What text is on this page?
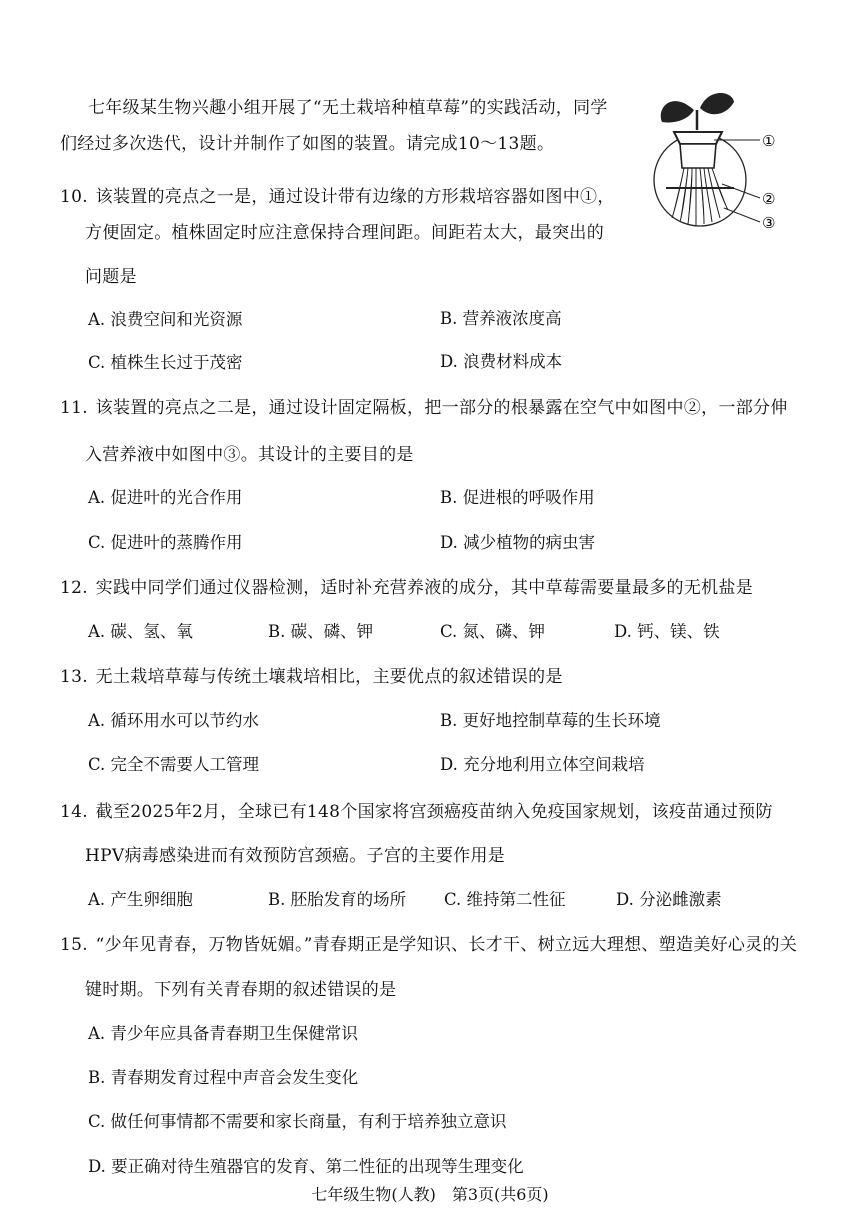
七年级某生物兴趣小组开展了“无土栽培种植草莓”的实践活动，同学
们经过多次迭代，设计并制作了如图的装置。请完成10～13题。	①
②
③
10. 该装置的亮点之一是，通过设计带有边缘的方形栽培容器如图中①，
方便固定。植株固定时应注意保持合理间距。间距若太大，最突出的
问题是
A. 浪费空间和光资源	B. 营养液浓度高
C. 植株生长过于茂密	D. 浪费材料成本
11. 该装置的亮点之二是，通过设计固定隔板，把一部分的根暴露在空气中如图中②，一部分伸
入营养液中如图中③。其设计的主要目的是
A. 促进叶的光合作用	B. 促进根的呼吸作用
C. 促进叶的蒸腾作用	D. 减少植物的病虫害
12. 实践中同学们通过仪器检测，适时补充营养液的成分，其中草莓需要量最多的无机盐是
A. 碳、氢、氧	B. 碳、磷、钾	C. 氮、磷、钾	D. 钙、镁、铁
13. 无土栽培草莓与传统土壤栽培相比，主要优点的叙述错误的是
A. 循环用水可以节约水	B. 更好地控制草莓的生长环境
C. 完全不需要人工管理	D. 充分地利用立体空间栽培
14. 截至2025年2月，全球已有148个国家将宫颈癌疫苗纳入免疫国家规划，该疫苗通过预防
HPV病毒感染进而有效预防宫颈癌。子宫的主要作用是
A. 产生卵细胞	B. 胚胎发育的场所 C. 维持第二性征	D. 分泌雌激素
15. “少年见青春，万物皆妩媚。”青春期正是学知识、长才干、树立远大理想、塑造美好心灵的关
键时期。下列有关青春期的叙述错误的是
A. 青少年应具备青春期卫生保健常识
B. 青春期发育过程中声音会发生变化
C. 做任何事情都不需要和家长商量，有利于培养独立意识
D. 要正确对待生殖器官的发育、第二性征的出现等生理变化
七年级生物(人教)　第3页(共6页)
